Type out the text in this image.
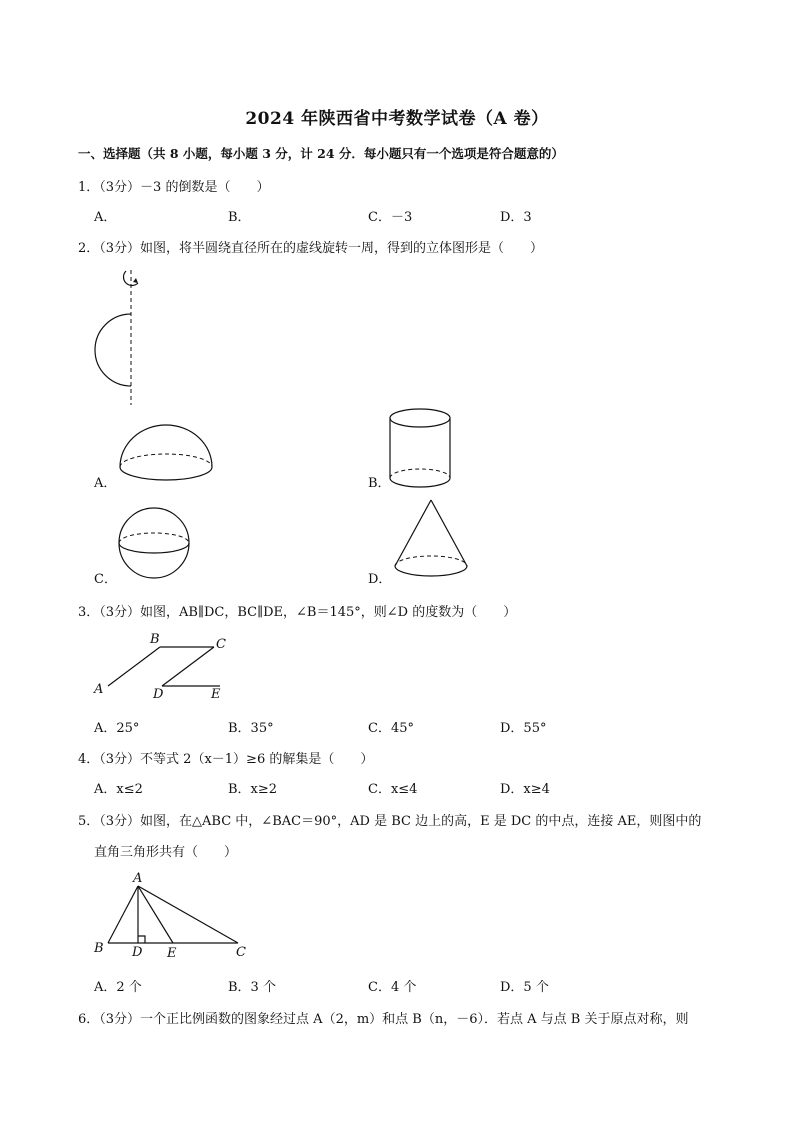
2024 年陕西省中考数学试卷（A 卷）
一、选择题（共 8 小题，每小题 3 分，计 24 分．每小题只有一个选项是符合题意的）
1．（3分）－3 的倒数是（　　）
A．	B．	C．－3	D．3
2．（3分）如图，将半圆绕直径所在的虚线旋转一周，得到的立体图形是（　　）
A．	B．
C．	D．
3．（3分）如图，AB∥DC，BC∥DE，∠B＝145°，则∠D 的度数为（　　）
B	C
A	D	E
A．25°	B．35°	C．45°	D．55°
4．（3分）不等式 2（x－1）≥6 的解集是（　　）
A．x≤2	B．x≥2	C．x≤4	D．x≥4
5．（3分）如图，在△ABC 中，∠BAC＝90°，AD 是 BC 边上的高，E 是 DC 的中点，连接 AE，则图中的
直角三角形共有（　　）
A
B D E	C
A．2 个	B．3 个	C．4 个	D．5 个
6．（3分）一个正比例函数的图象经过点 A（2，m）和点 B（n，－6）．若点 A 与点 B 关于原点对称，则
